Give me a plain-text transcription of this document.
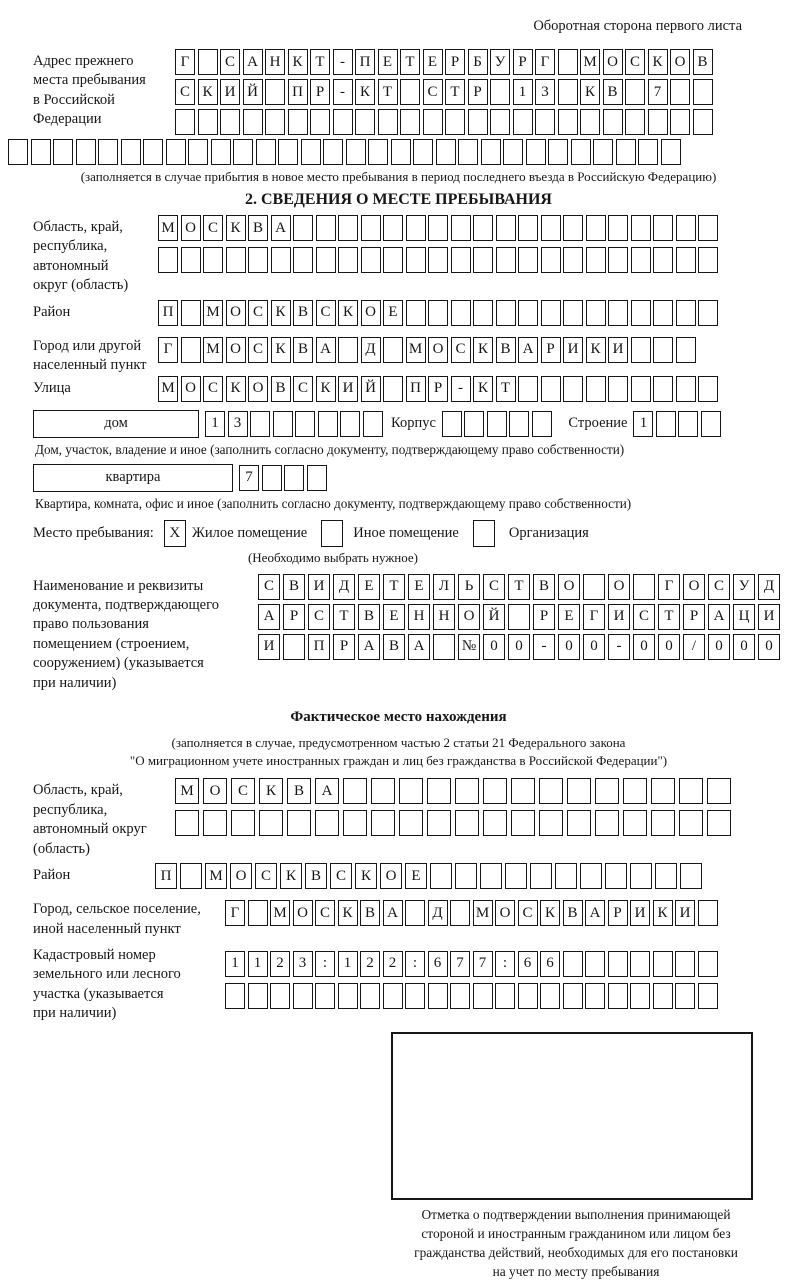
Оборотная сторона первого листа
Адрес прежнего
места пребывания
в Российской
Федерации
Г	С А Н К Т	- П Е Т Е Р Б У Р Г	М О С К О В
С К И Й	П Р	- К Т	С Т Р	1	3	К В	7
(заполняется в случае прибытия в новое место пребывания в период последнего въезда в Российскую Федерацию)
2. СВЕДЕНИЯ О МЕСТЕ ПРЕБЫВАНИЯ
Область, край,
республика,
автономный
округ (область)
М О С К В А
Район	П	М О С К В С К О Е
Город или другой
населенный пункт
Г	М О С К В А	Д	М О С К В А Р И К И
Улица	М О С К О В С К И Й	П Р	- К Т
дом	1	3	Корпус	Строение 1
Дом, участок, владение и иное (заполнить согласно документу, подтверждающему право собственности)
квартира	7
Квартира, комната, офис и иное (заполнить согласно документу, подтверждающему право собственности)
Место пребывания:	X Жилое помещение	Иное помещение	Организация
(Необходимо выбрать нужное)
Наименование и реквизиты
документа, подтверждающего
право пользования
помещением (строением,
сооружением) (указывается
при наличии)
С В И Д	Е	Т	Е	Л	Ь	С	Т	В О	О	Г	О С У Д
А	Р	С	Т	В	Е	Н Н О Й	Р	Е	Г	И С	Т	Р	А Ц И
И	П	Р	А В А	№ 0	0	-	0	0	-	0	0	/	0	0	0
Фактическое место нахождения
(заполняется в случае, предусмотренном частью 2 статьи 21 Федерального закона
"О миграционном учете иностранных граждан и лиц без гражданства в Российской Федерации")
Область, край,
республика,
автономный округ
(область)
М	О	С	К	В	А
Район	П	М О С К В С К О Е
Город, сельское поселение,
иной населенный пункт
Г	М О С К В А	Д	М О С К В А Р И К И
Кадастровый номер
земельного или лесного
участка (указывается
при наличии)
1	1	2	3	:	1	2	2	:	6	7	7	:	6	6
Отметка о подтверждении выполнения принимающей
стороной и иностранным гражданином или лицом без
гражданства действий, необходимых для его постановки
на учет по месту пребывания
